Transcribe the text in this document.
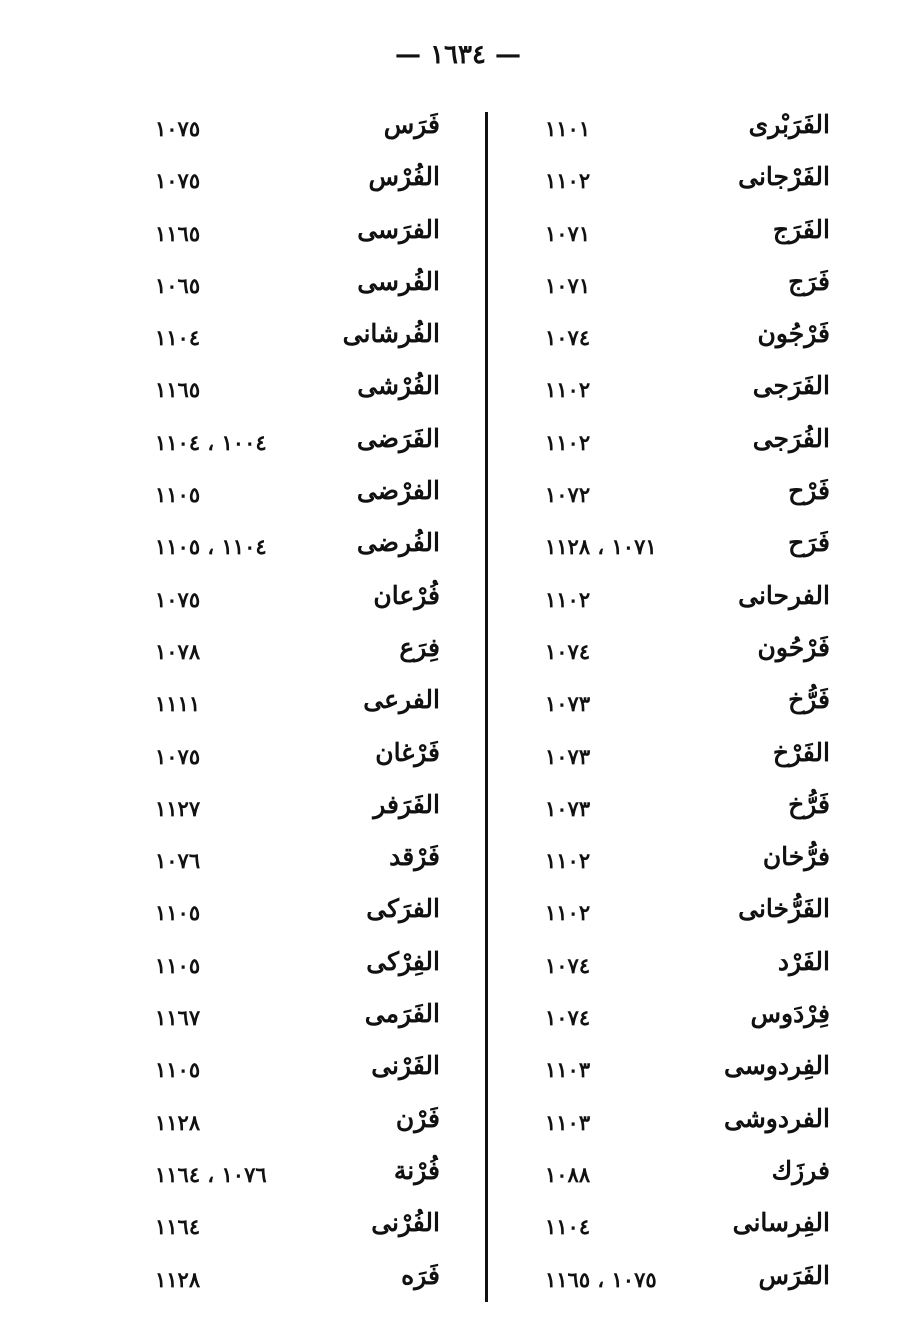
— ١٦٣٤ —
الفَرَبْرى
١١٠١
الفَرْجانى
١١٠٢
الفَرَج
١٠٧١
فَرَج
١٠٧١
فَرْجُون
١٠٧٤
الفَرَجى
١١٠٢
الفُرَجى
١١٠٢
فَرْح
١٠٧٢
فَرَح
١٠٧١ ، ١١٢٨
الفرحانى
١١٠٢
فَرْحُون
١٠٧٤
فَرُّخ
١٠٧٣
الفَرْخ
١٠٧٣
فَرُّخ
١٠٧٣
فرُّخان
١١٠٢
الفَرُّخانى
١١٠٢
الفَرْد
١٠٧٤
فِرْدَوس
١٠٧٤
الفِردوسى
١١٠٣
الفردوشى
١١٠٣
فرزَك
١٠٨٨
الفِرسانى
١١٠٤
الفَرَس
١٠٧٥ ، ١١٦٥
فَرَس
١٠٧٥
الفُرْس
١٠٧٥
الفرَسى
١١٦٥
الفُرسى
١٠٦٥
الفُرشانى
١١٠٤
الفُرْشى
١١٦٥
الفَرَضى
١٠٠٤ ، ١١٠٤
الفرْضى
١١٠٥
الفُرضى
١١٠٤ ، ١١٠٥
فُرْعان
١٠٧٥
فِرَع
١٠٧٨
الفرعى
١١١١
فَرْغان
١٠٧٥
الفَرَفر
١١٢٧
فَرْقد
١٠٧٦
الفرَكى
١١٠٥
الفِرْكى
١١٠٥
الفَرَمى
١١٦٧
الفَرْنى
١١٠٥
فَرْن
١١٢٨
فُرْنة
١٠٧٦ ، ١١٦٤
الفُرْنى
١١٦٤
فَرَه
١١٢٨
